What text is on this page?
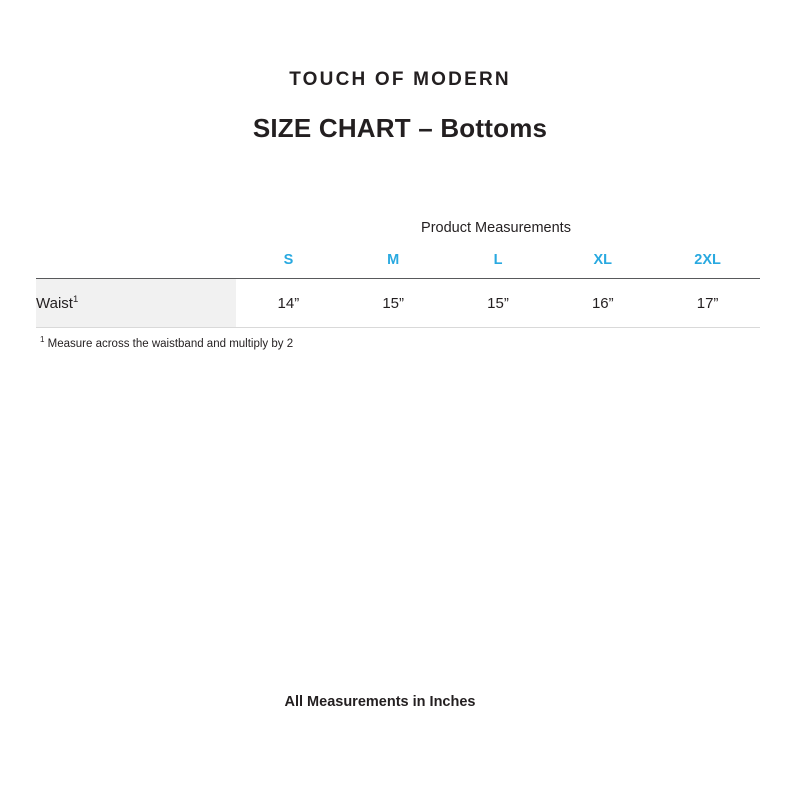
TOUCH OF MODERN
SIZE CHART – Bottoms
Product Measurements
	S	M	L	XL	2XL
Waist$^1$	14”	15”	15”	16”	17”
$^1$ Measure across the waistband and multiply by 2
All Measurements in Inches
